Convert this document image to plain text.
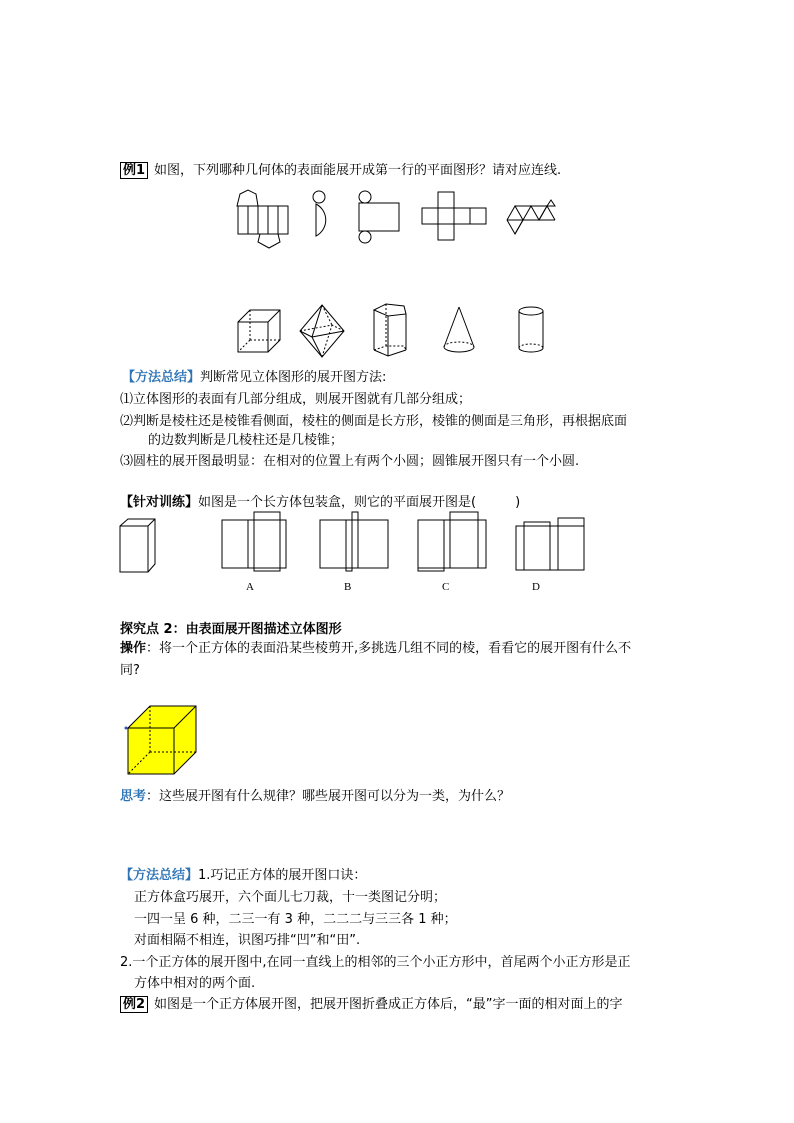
例1 如图，下列哪种几何体的表面能展开成第一行的平面图形？请对应连线.
【方法总结】判断常见立体图形的展开图方法:
⑴立体图形的表面有几部分组成，则展开图就有几部分组成；
⑵判断是棱柱还是棱锥看侧面，棱柱的侧面是长方形，棱锥的侧面是三角形，再根据底面
的边数判断是几棱柱还是几棱锥；
⑶圆柱的展开图最明显：在相对的位置上有两个小圆；圆锥展开图只有一个小圆.
【针对训练】如图是一个长方体包装盒，则它的平面展开图是(　　　)
A	B	C	D
探究点 2：由表面展开图描述立体图形
操作：将一个正方体的表面沿某些棱剪开,多挑选几组不同的棱，看看它的展开图有什么不
同?
思考：这些展开图有什么规律？哪些展开图可以分为一类，为什么？
【方法总结】1.巧记正方体的展开图口诀：
正方体盒巧展开，六个面儿七刀裁，十一类图记分明；
一四一呈 6 种，二三一有 3 种，二二二与三三各 1 种；
对面相隔不相连，识图巧排“凹”和“田”.
2.一个正方体的展开图中,在同一直线上的相邻的三个小正方形中，首尾两个小正方形是正
方体中相对的两个面.
例2 如图是一个正方体展开图，把展开图折叠成正方体后，“最”字一面的相对面上的字
